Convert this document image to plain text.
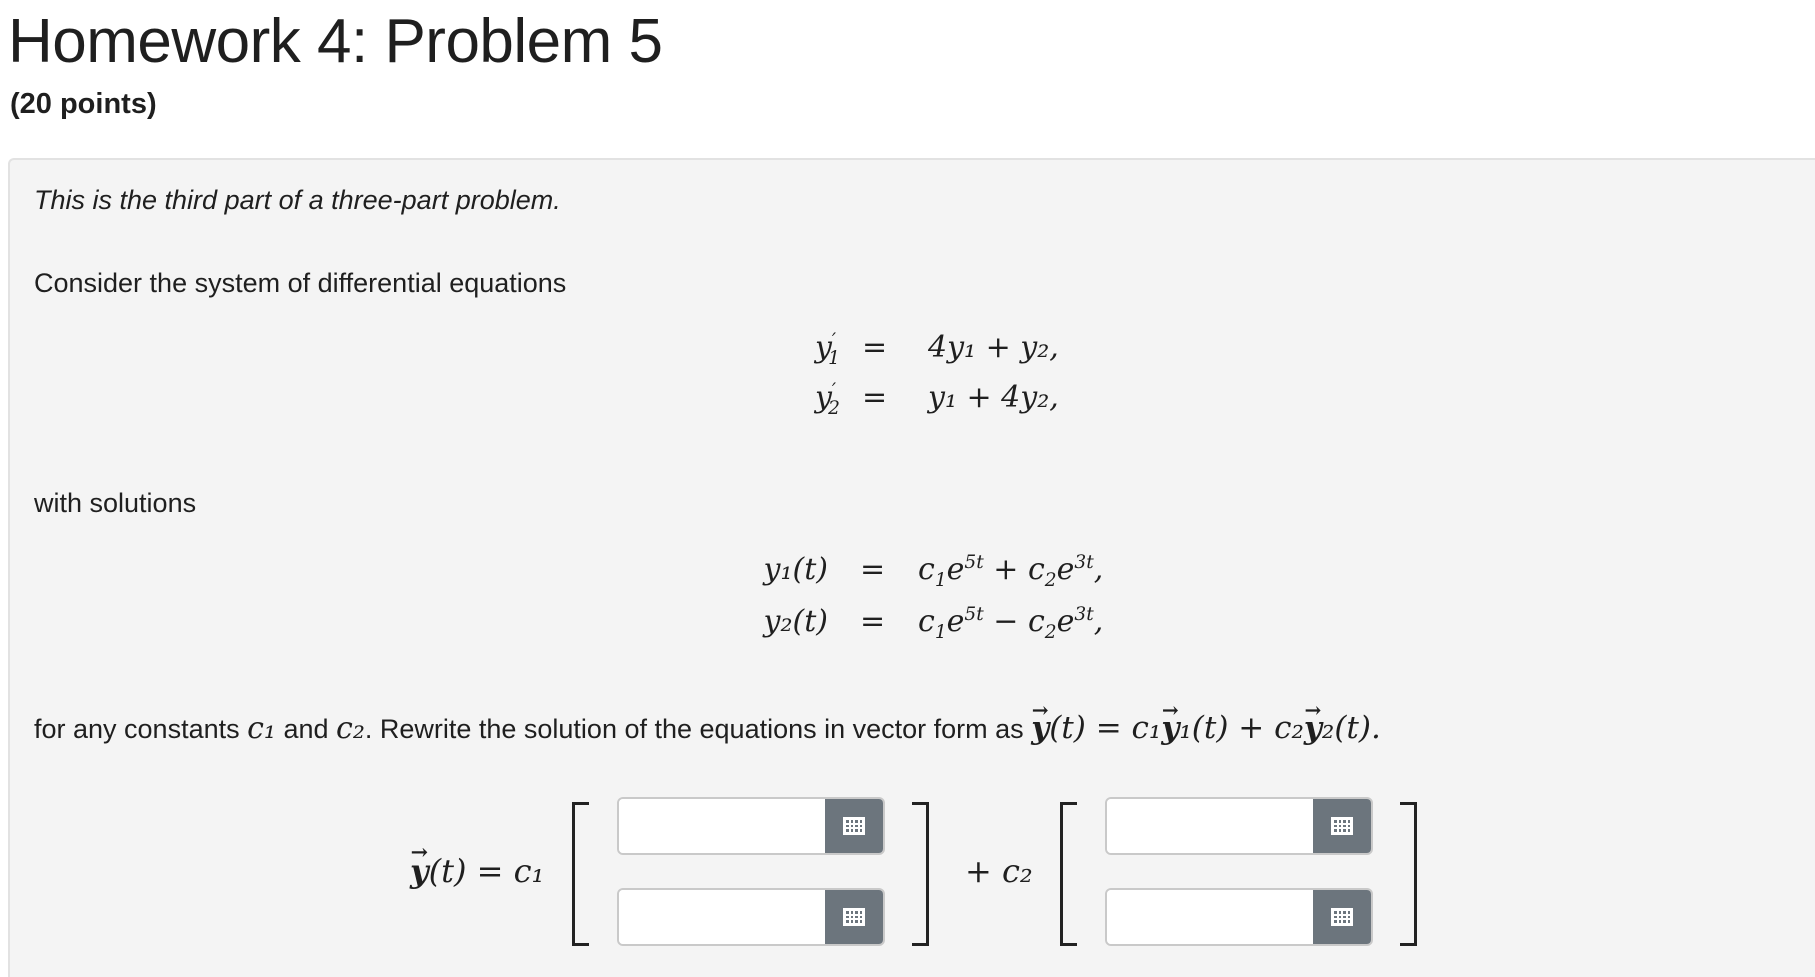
Homework 4: Problem 5

(20 points)

This is the third part of a three-part problem.

Consider the system of differential equations

$y'_1 = 4y_1 + y_2$,
$y'_2 = y_1 + 4y_2$,

with solutions

$y_1(t) = c_1e^{5t} + c_2e^{3t}$,
$y_2(t) = c_1e^{5t} - c_2e^{3t}$,

for any constants c₁ and c₂. Rewrite the solution of the equations in vector form as → y(t) = c₁→ y₁(t) + c₂→ y₂(t).

→ y(t) = c₁	+ c₂
